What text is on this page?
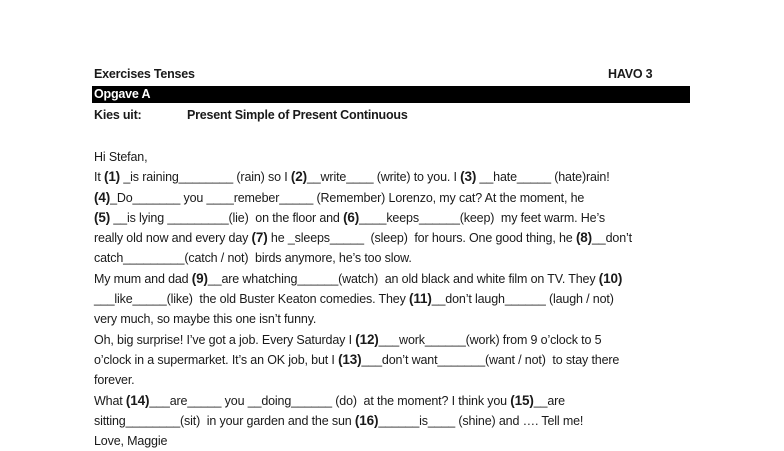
Exercises Tenses	HAVO 3
Opgave A
Kies uit:	Present Simple of Present Continuous
Hi Stefan,
It (1) _is raining________ (rain) so I (2)__write____ (write) to you. I (3) __hate_____ (hate)rain!
(4)_Do_______ you ____remeber_____ (Remember) Lorenzo, my cat? At the moment, he
(5) __is lying _________(lie)  on the floor and (6)____keeps______(keep)  my feet warm. He’s
really old now and every day (7) he _sleeps_____  (sleep)  for hours. One good thing, he (8)__don’t
catch_________(catch / not)  birds anymore, he’s too slow.
My mum and dad (9)__are whatching______(watch)  an old black and white film on TV. They (10)
___like_____(like)  the old Buster Keaton comedies. They (11)__don’t laugh______ (laugh / not)
very much, so maybe this one isn’t funny.
Oh, big surprise! I’ve got a job. Every Saturday I (12)___work______(work) from 9 o’clock to 5
o’clock in a supermarket. It’s an OK job, but I (13)___don’t want_______(want / not)  to stay there
forever.
What (14)___are_____ you __doing______ (do)  at the moment? I think you (15)__are
sitting________(sit)  in your garden and the sun (16)______is____ (shine) and …. Tell me!
Love, Maggie
